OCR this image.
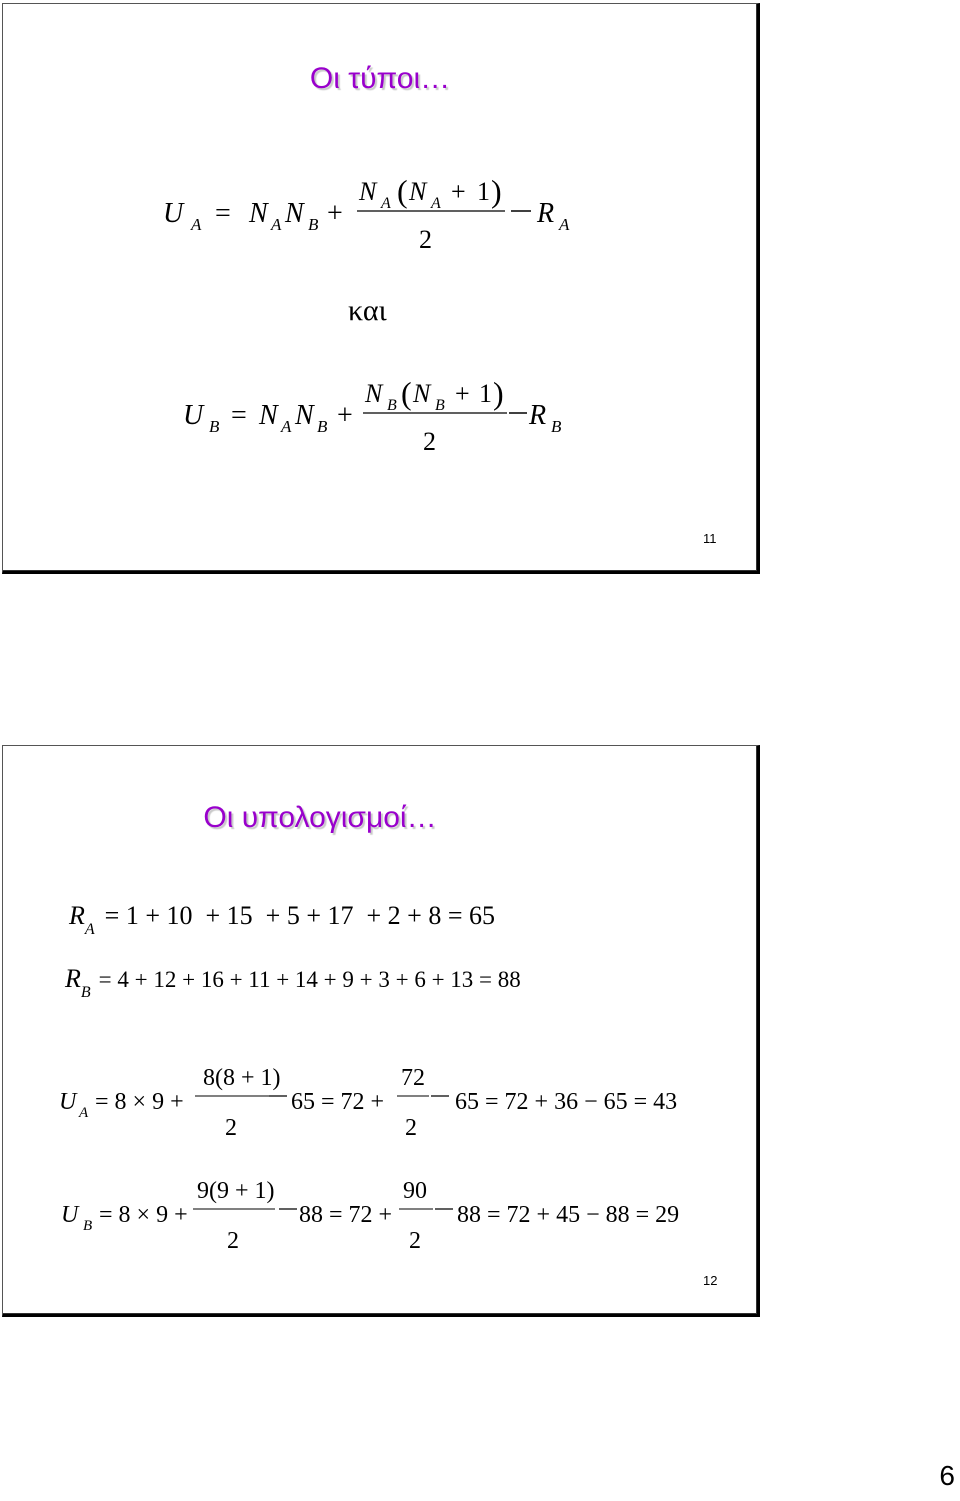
Οι τύποι…
U A = N A N B +
N A ( N A + 1 )
2
R A
και
U B = N A N B +
N B ( N B + 1 )
2
R B
11
Οι υπολογισμοί…
RA = 1 + 10  + 15  + 5 + 17  + 2 + 8 = 65
RB = 4 + 12 + 16 + 11 + 14 + 9 + 3 + 6 + 13 = 88
U A = 8 × 9 +
8(8 + 1)
2
65 = 72 +
72
2
65 = 72 + 36 − 65 = 43
U B = 8 × 9 +
9(9 + 1)
2
88 = 72 +
90
2
88 = 72 + 45 − 88 = 29
12
6
